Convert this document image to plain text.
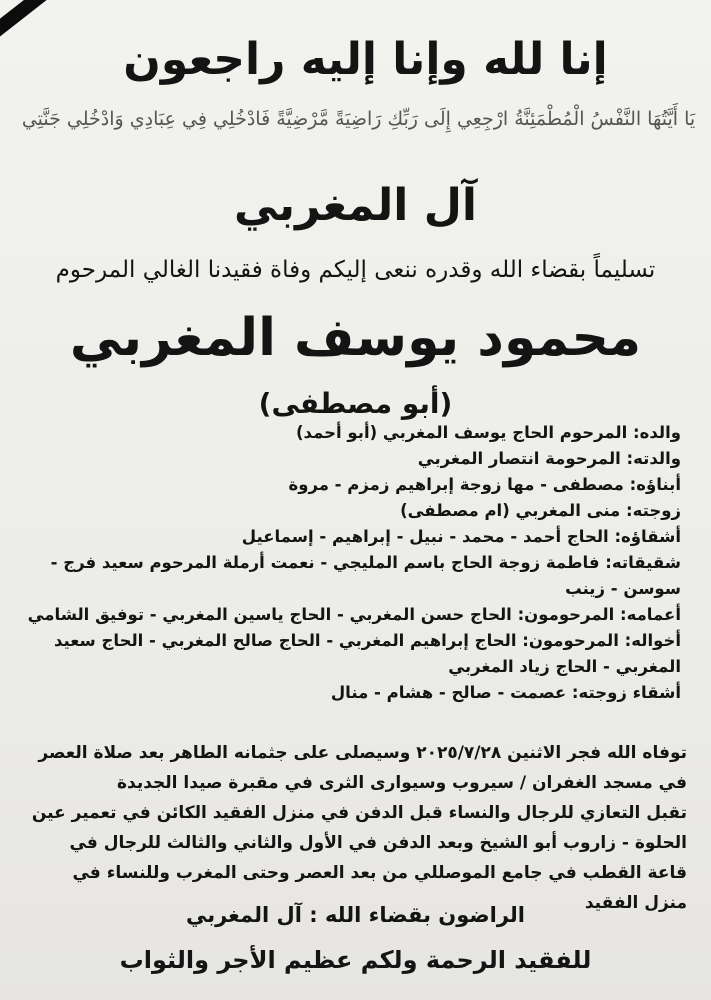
إنا لله وإنا إليه راجعون
يَا أَيَّتُهَا النَّفْسُ الْمُطْمَئِنَّةُ ارْجِعِي إِلَى رَبِّكِ رَاضِيَةً مَّرْضِيَّةً فَادْخُلِي فِي عِبَادِي وَادْخُلِي جَنَّتِي
آل المغربي
تسليماً بقضاء الله وقدره ننعى إليكم وفاة فقيدنا الغالي المرحوم
محمود يوسف المغربي
(أبو مصطفى)
والده: المرحوم الحاج يوسف المغربي (أبو أحمد)
والدته: المرحومة انتصار المغربي
أبناؤه: مصطفى - مها زوجة إبراهيم زمزم - مروة
زوجته: منى المغربي (ام مصطفى)
أشقاؤه: الحاج أحمد - محمد - نبيل - إبراهيم - إسماعيل
شقيقاته: فاطمة زوجة الحاج باسم المليجي - نعمت أرملة المرحوم سعيد فرج - سوسن - زينب
أعمامه: المرحومون: الحاج حسن المغربي - الحاج ياسين المغربي - توفيق الشامي
أخواله: المرحومون: الحاج إبراهيم المغربي - الحاج صالح المغربي - الحاج سعيد المغربي - الحاج زياد المغربي
أشقاء زوجته: عصمت - صالح - هشام - منال

توفاه الله فجر الاثنين ٢٠٢٥/٧/٢٨ وسيصلى على جثمانه الطاهر بعد صلاة العصر في مسجد الغفران / سيروب وسيوارى الثرى في مقبرة صيدا الجديدة

تقبل التعازي للرجال والنساء قبل الدفن في منزل الفقيد الكائن في تعمير عين الحلوة - زاروب أبو الشيخ وبعد الدفن في الأول والثاني والثالث للرجال في قاعة القطب في جامع الموصللي من بعد العصر وحتى المغرب وللنساء في منزل الفقيد

الراضون بقضاء الله : آل المغربي
للفقيد الرحمة ولكم عظيم الأجر والثواب
